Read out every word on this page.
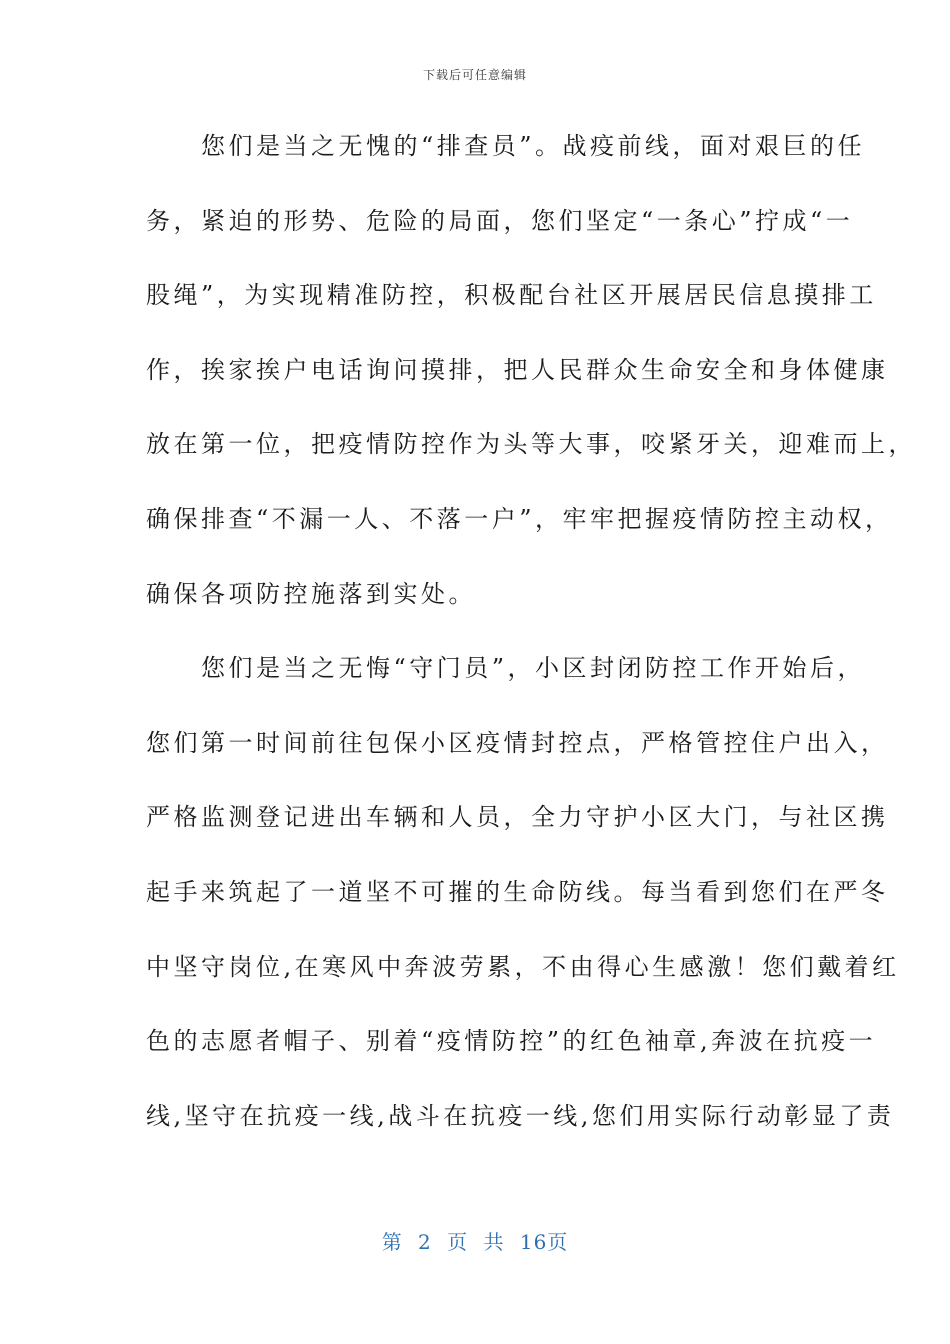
下载后可任意编辑
　　您们是当之无愧的“排查员”。战疫前线，面对艰巨的任
务，紧迫的形势、危险的局面，您们坚定“一条心”拧成“一
股绳”，为实现精准防控，积极配台社区开展居民信息摸排工
作，挨家挨户电话询问摸排，把人民群众生命安全和身体健康
放在第一位，把疫情防控作为头等大事，咬紧牙关，迎难而上，
确保排查“不漏一人、不落一户”，牢牢把握疫情防控主动权，
确保各项防控施落到实处。
　　您们是当之无悔“守门员”，小区封闭防控工作开始后，
您们第一时间前往包保小区疫情封控点，严格管控住户出入，
严格监测登记进出车辆和人员，全力守护小区大门，与社区携
起手来筑起了一道坚不可摧的生命防线。每当看到您们在严冬
中坚守岗位,在寒风中奔波劳累，不由得心生感激！您们戴着红
色的志愿者帽子、别着“疫情防控”的红色袖章,奔波在抗疫一
线,坚守在抗疫一线,战斗在抗疫一线,您们用实际行动彰显了责
第 2 页 共 16页
